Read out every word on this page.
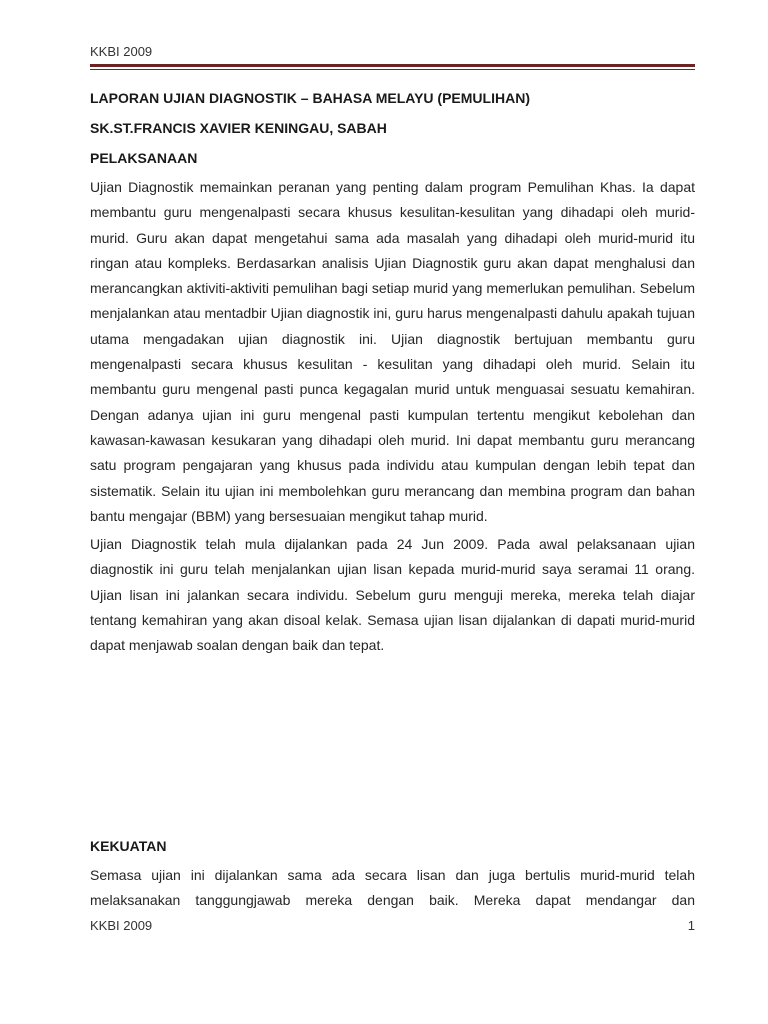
KKBI 2009
LAPORAN UJIAN DIAGNOSTIK – BAHASA MELAYU (PEMULIHAN)
SK.ST.FRANCIS XAVIER KENINGAU, SABAH
PELAKSANAAN

Ujian Diagnostik memainkan peranan yang penting dalam program Pemulihan Khas. Ia dapat membantu guru mengenalpasti secara khusus kesulitan-kesulitan yang dihadapi oleh murid-murid. Guru akan dapat mengetahui sama ada masalah yang dihadapi oleh murid-murid itu ringan atau kompleks. Berdasarkan analisis Ujian Diagnostik guru akan dapat menghalusi dan merancangkan aktiviti-aktiviti pemulihan bagi setiap murid yang memerlukan pemulihan. Sebelum menjalankan atau mentadbir Ujian diagnostik ini, guru harus mengenalpasti dahulu apakah tujuan utama mengadakan ujian diagnostik ini. Ujian diagnostik bertujuan membantu guru mengenalpasti secara khusus kesulitan - kesulitan yang dihadapi oleh murid. Selain itu membantu guru mengenal pasti punca kegagalan murid untuk menguasai sesuatu kemahiran. Dengan adanya ujian ini guru mengenal pasti kumpulan tertentu mengikut kebolehan dan kawasan-kawasan kesukaran yang dihadapi oleh murid. Ini dapat membantu guru merancang satu program pengajaran yang khusus pada individu atau kumpulan dengan lebih tepat dan sistematik. Selain itu ujian ini membolehkan guru merancang dan membina program dan bahan bantu mengajar (BBM) yang bersesuaian mengikut tahap murid.

Ujian Diagnostik telah mula dijalankan pada 24 Jun 2009. Pada awal pelaksanaan ujian diagnostik ini guru telah menjalankan ujian lisan kepada murid-murid saya seramai 11 orang. Ujian lisan ini jalankan secara individu. Sebelum guru menguji mereka, mereka telah diajar tentang kemahiran yang akan disoal kelak. Semasa ujian lisan dijalankan di dapati murid-murid dapat menjawab soalan dengan baik dan tepat.

KEKUATAN

Semasa ujian ini dijalankan sama ada secara lisan dan juga bertulis murid-murid telah melaksanakan tanggungjawab mereka dengan baik. Mereka dapat mendangar dan

KKBI 2009	1
